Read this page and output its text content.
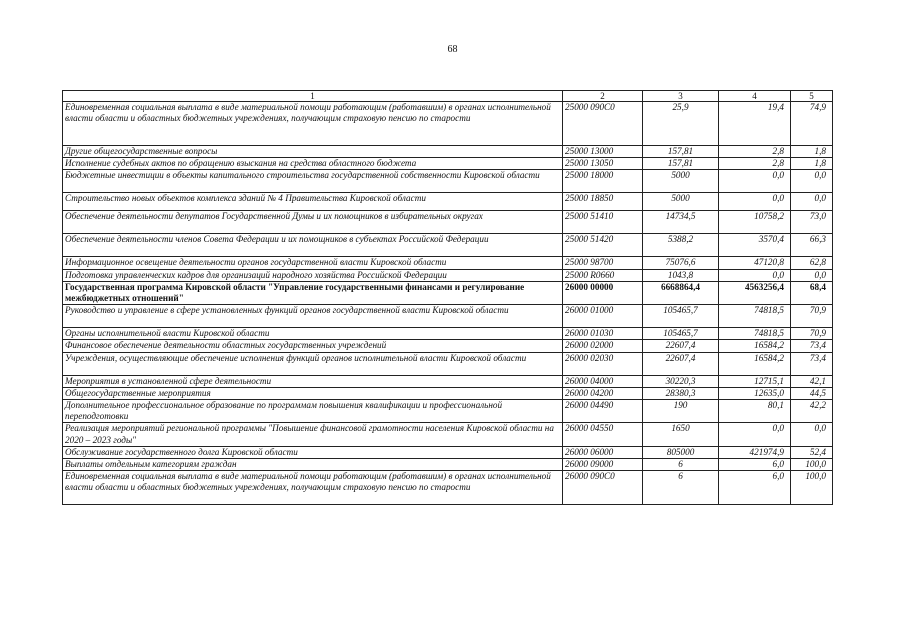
68
1	2	3	4	5
Единовременная социальная выплата в виде материальной помощи работающим (работавшим) в органах исполнительной власти области и областных бюджетных учреждениях, получающим страховую пенсию по старости	25000 090С0	25,9	19,4	74,9
Другие общегосударственные вопросы	25000 13000	157,81	2,8	1,8
Исполнение судебных актов по обращению взыскания на средства областного бюджета	25000 13050	157,81	2,8	1,8
Бюджетные инвестиции в объекты капитального строительства государственной собственности Кировской области	25000 18000	5000	0,0	0,0
Строительство новых объектов комплекса зданий № 4 Правительства Кировской области	25000 18850	5000	0,0	0,0
Обеспечение деятельности депутатов Государственной Думы и их помощников в избирательных округах	25000 51410	14734,5	10758,2	73,0
Обеспечение деятельности членов Совета Федерации и их помощников в субъектах Российской Федерации	25000 51420	5388,2	3570,4	66,3
Информационное освещение деятельности органов государственной власти Кировской области	25000 98700	75076,6	47120,8	62,8
Подготовка управленческих кадров для организаций народного хозяйства Российской Федерации	25000 R0660	1043,8	0,0	0,0
Государственная программа Кировской области "Управление государственными финансами и регулирование межбюджетных отношений"	26000 00000	6668864,4	4563256,4	68,4
Руководство и управление в сфере установленных функций органов государственной власти Кировской области	26000 01000	105465,7	74818,5	70,9
Органы исполнительной власти Кировской области	26000 01030	105465,7	74818,5	70,9
Финансовое обеспечение деятельности областных государственных учреждений	26000 02000	22607,4	16584,2	73,4
Учреждения, осуществляющие обеспечение исполнения функций органов исполнительной власти Кировской области	26000 02030	22607,4	16584,2	73,4
Мероприятия в установленной сфере деятельности	26000 04000	30220,3	12715,1	42,1
Общегосударственные мероприятия	26000 04200	28380,3	12635,0	44,5
Дополнительное профессиональное образование по программам повышения квалификации и профессиональной переподготовки	26000 04490	190	80,1	42,2
Реализация мероприятий региональной программы "Повышение финансовой грамотности населения Кировской области на 2020 – 2023 годы"	26000 04550	1650	0,0	0,0
Обслуживание государственного долга Кировской области	26000 06000	805000	421974,9	52,4
Выплаты отдельным категориям граждан	26000 09000	6	6,0	100,0
Единовременная социальная выплата в виде материальной помощи работающим (работавшим) в органах исполнительной власти области и областных бюджетных учреждениях, получающим страховую пенсию по старости	26000 090С0	6	6,0	100,0
